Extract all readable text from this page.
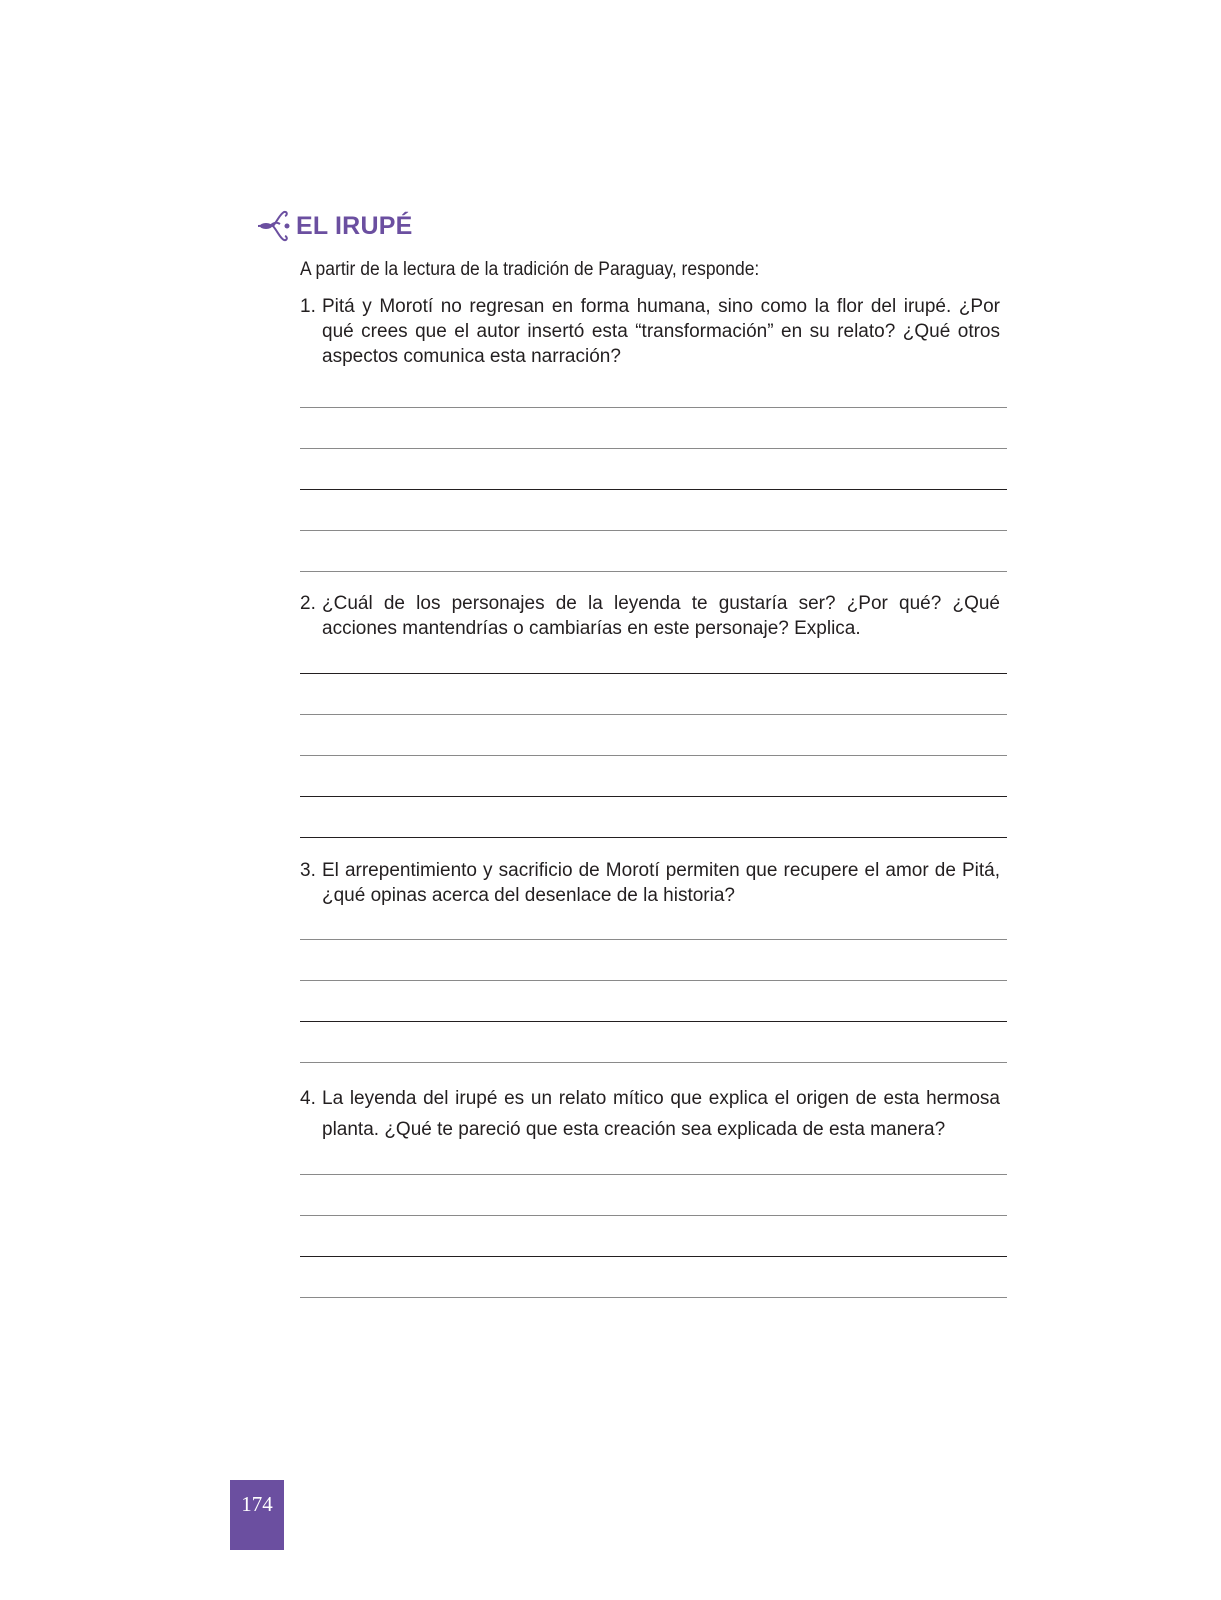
EL IRUPÉ
A partir de la lectura de la tradición de Paraguay, responde:
1. Pitá y Morotí no regresan en forma humana, sino como la flor del irupé. ¿Por qué crees que el autor insertó esta “transformación” en su relato? ¿Qué otros aspectos comunica esta narración?
2. ¿Cuál de los personajes de la leyenda te gustaría ser? ¿Por qué? ¿Qué acciones mantendrías o cambiarías en este personaje? Explica.
3. El arrepentimiento y sacrificio de Morotí permiten que recupere el amor de Pitá, ¿qué opinas acerca del desenlace de la historia?
4. La leyenda del irupé es un relato mítico que explica el origen de esta hermosa planta. ¿Qué te pareció que esta creación sea explicada de esta manera?
174
